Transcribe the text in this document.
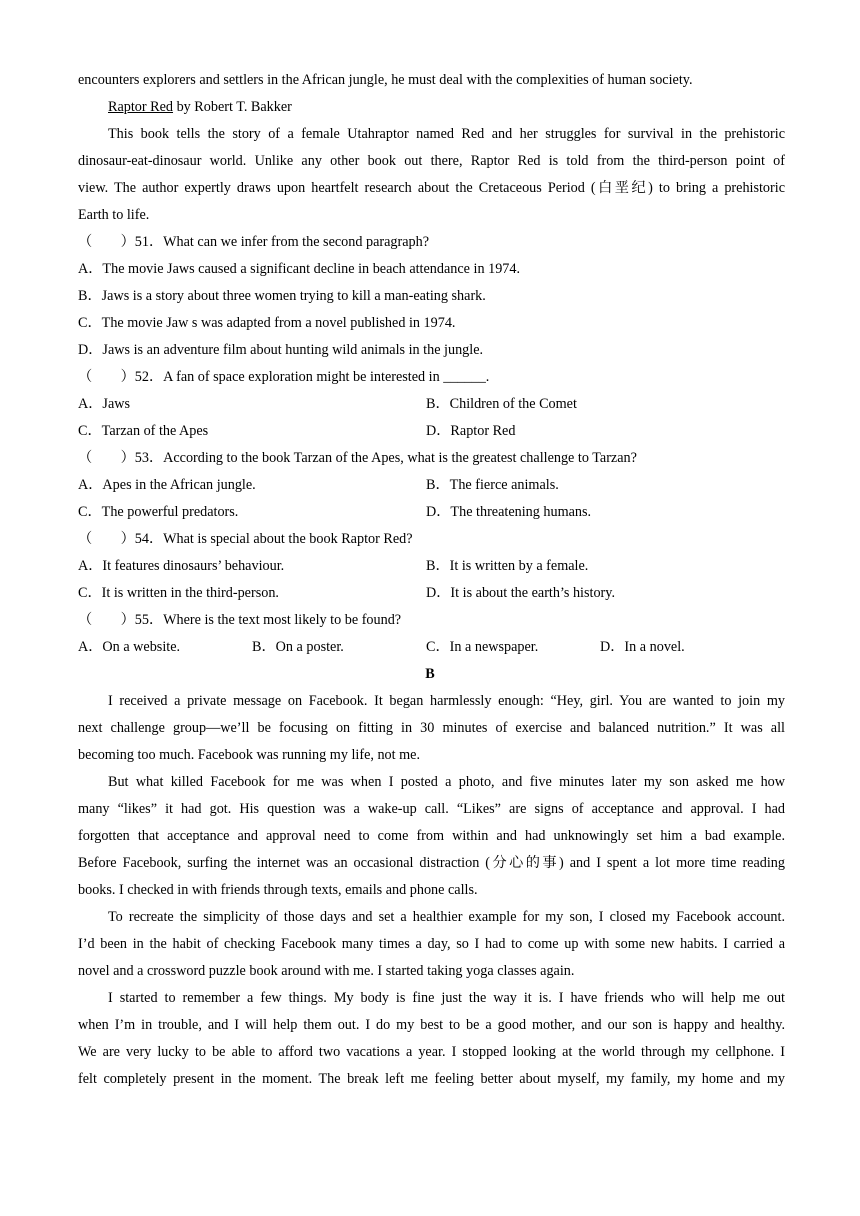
encounters explorers and settlers in the African jungle, he must deal with the complexities of human society.
Raptor Red by Robert T. Bakker
This book tells the story of a female Utahraptor named Red and her struggles for survival in the prehistoric
dinosaur-eat-dinosaur world. Unlike any other book out there, Raptor Red is told from the third-person point of
view. The author expertly draws upon heartfelt research about the Cretaceous Period (白垩纪) to bring a prehistoric
Earth to life.
（　　）51．What can we infer from the second paragraph?
A．The movie Jaws caused a significant decline in beach attendance in 1974.
B．Jaws is a story about three women trying to kill a man-eating shark.
C．The movie Jaw s was adapted from a novel published in 1974.
D．Jaws is an adventure film about hunting wild animals in the jungle.
（　　）52．A fan of space exploration might be interested in ______.
A．Jaws	B．Children of the Comet
C．Tarzan of the Apes	D．Raptor Red
（　　）53．According to the book Tarzan of the Apes, what is the greatest challenge to Tarzan?
A．Apes in the African jungle.	B．The fierce animals.
C．The powerful predators.	D．The threatening humans.
（　　）54．What is special about the book Raptor Red?
A．It features dinosaurs’ behaviour.	B．It is written by a female.
C．It is written in the third-person.	D．It is about the earth’s history.
（　　）55．Where is the text most likely to be found?
A．On a website.	B．On a poster.	C．In a newspaper.	D．In a novel.
B
I received a private message on Facebook. It began harmlessly enough: “Hey, girl. You are wanted to join my
next challenge group—we’ll be focusing on fitting in 30 minutes of exercise and balanced nutrition.” It was all
becoming too much. Facebook was running my life, not me.
But what killed Facebook for me was when I posted a photo, and five minutes later my son asked me how
many “likes” it had got. His question was a wake-up call. “Likes” are signs of acceptance and approval. I had
forgotten that acceptance and approval need to come from within and had unknowingly set him a bad example.
Before Facebook, surfing the internet was an occasional distraction (分心的事) and I spent a lot more time reading
books. I checked in with friends through texts, emails and phone calls.
To recreate the simplicity of those days and set a healthier example for my son, I closed my Facebook account.
I’d been in the habit of checking Facebook many times a day, so I had to come up with some new habits. I carried a
novel and a crossword puzzle book around with me. I started taking yoga classes again.
I started to remember a few things. My body is fine just the way it is. I have friends who will help me out
when I’m in trouble, and I will help them out. I do my best to be a good mother, and our son is happy and healthy.
We are very lucky to be able to afford two vacations a year. I stopped looking at the world through my cellphone. I
felt completely present in the moment. The break left me feeling better about myself, my family, my home and my
